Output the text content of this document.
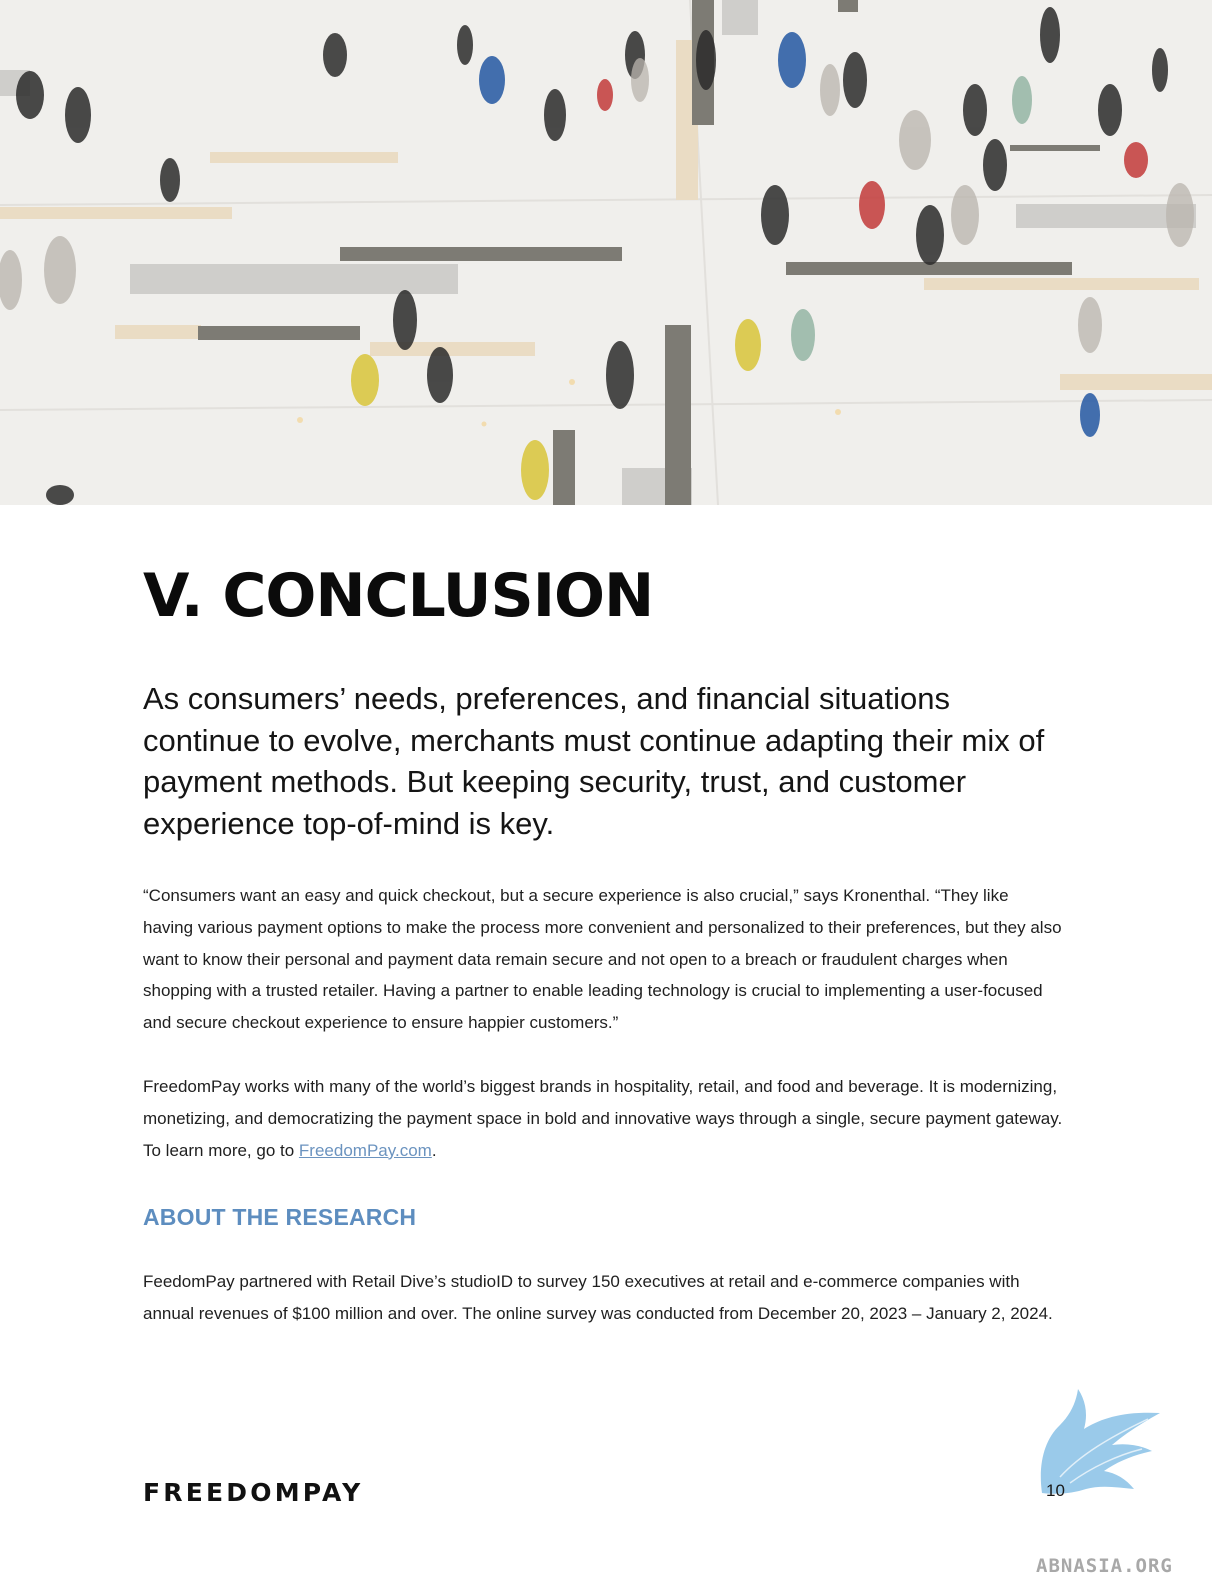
V. CONCLUSION

As consumers’ needs, preferences, and financial situations continue to evolve, merchants must continue adapting their mix of payment methods. But keeping security, trust, and customer experience top-of-mind is key.

“Consumers want an easy and quick checkout, but a secure experience is also crucial,” says Kronenthal. “They like having various payment options to make the process more convenient and personalized to their preferences, but they also want to know their personal and payment data remain secure and not open to a breach or fraudulent charges when shopping with a trusted retailer. Having a partner to enable leading technology is crucial to implementing a user-focused and secure checkout experience to ensure happier customers.”

FreedomPay works with many of the world’s biggest brands in hospitality, retail, and food and beverage. It is modernizing, monetizing, and democratizing the payment space in bold and innovative ways through a single, secure payment gateway. To learn more, go to FreedomPay.com.

ABOUT THE RESEARCH

FeedomPay partnered with Retail Dive’s studioID to survey 150 executives at retail and e-commerce companies with annual revenues of $100 million and over. The online survey was conducted from December 20, 2023 – January 2, 2024.

FREEDOMPAY	10
ABNASIA.ORG
